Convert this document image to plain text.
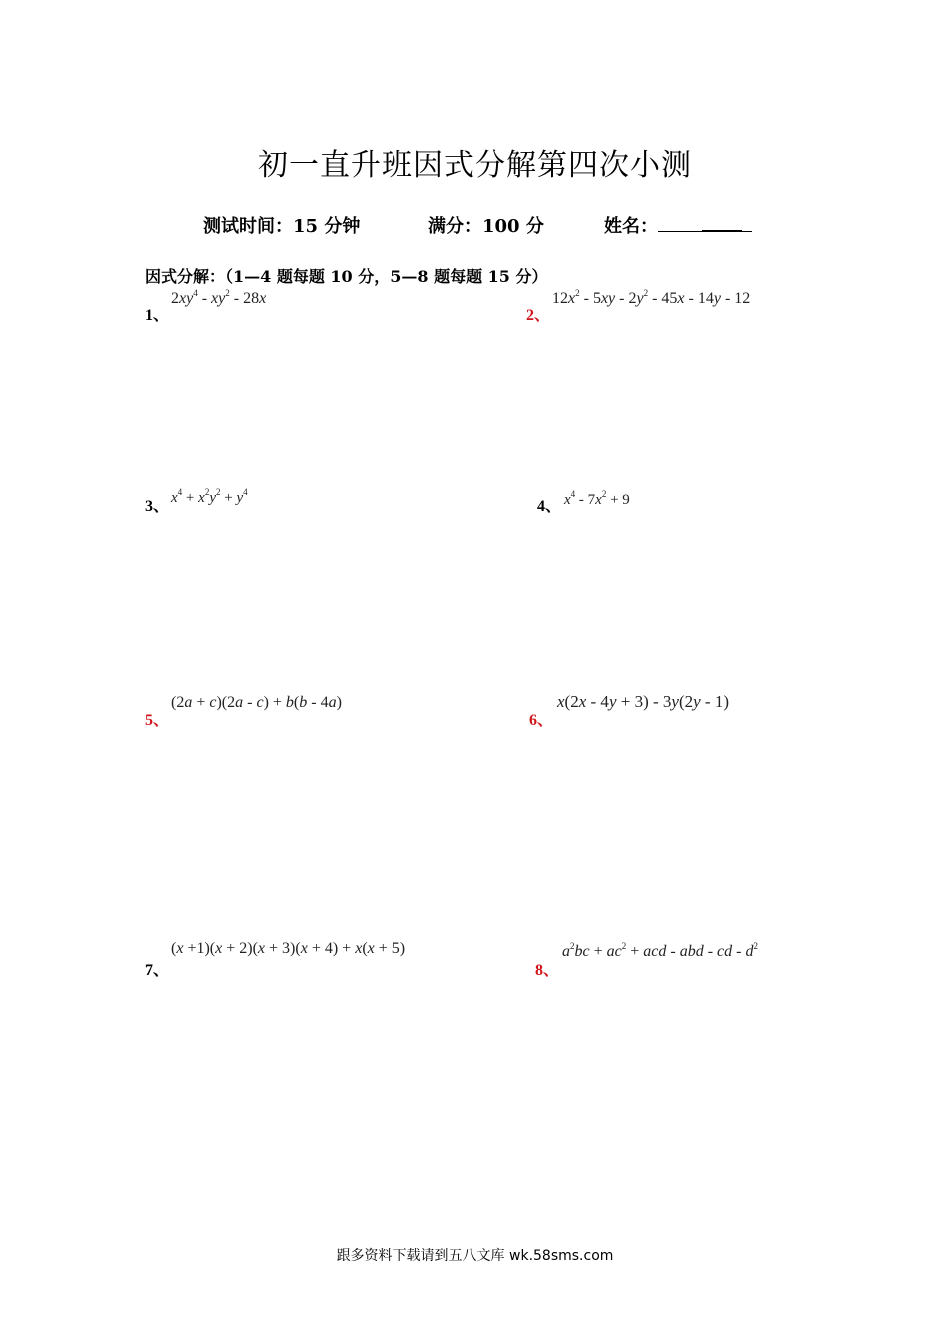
初一直升班因式分解第四次小测
测试时间：15 分钟	满分：100 分	姓名：
因式分解：（1—4 题每题 10 分，5—8 题每题 15 分）
1、
$2xy^4 - xy^2 - 28x$
2、
$12x^2 - 5xy - 2y^2 - 45x - 14y - 12$
3、 $x^4 + x^2y^2 + y^4$
4、 $x^4 - 7x^2 + 9$
5、
(2a + c)(2a - c) + b(b - 4a)
6、
x(2x - 4y + 3) - 3y(2y - 1)
7、
(x +1)(x + 2)(x + 3)(x + 4) + x(x + 5)
8、
$a^2bc + ac^2$ + acd - abd - cd - $d^2$
跟多资料下载请到五八文库 wk.58sms.com
